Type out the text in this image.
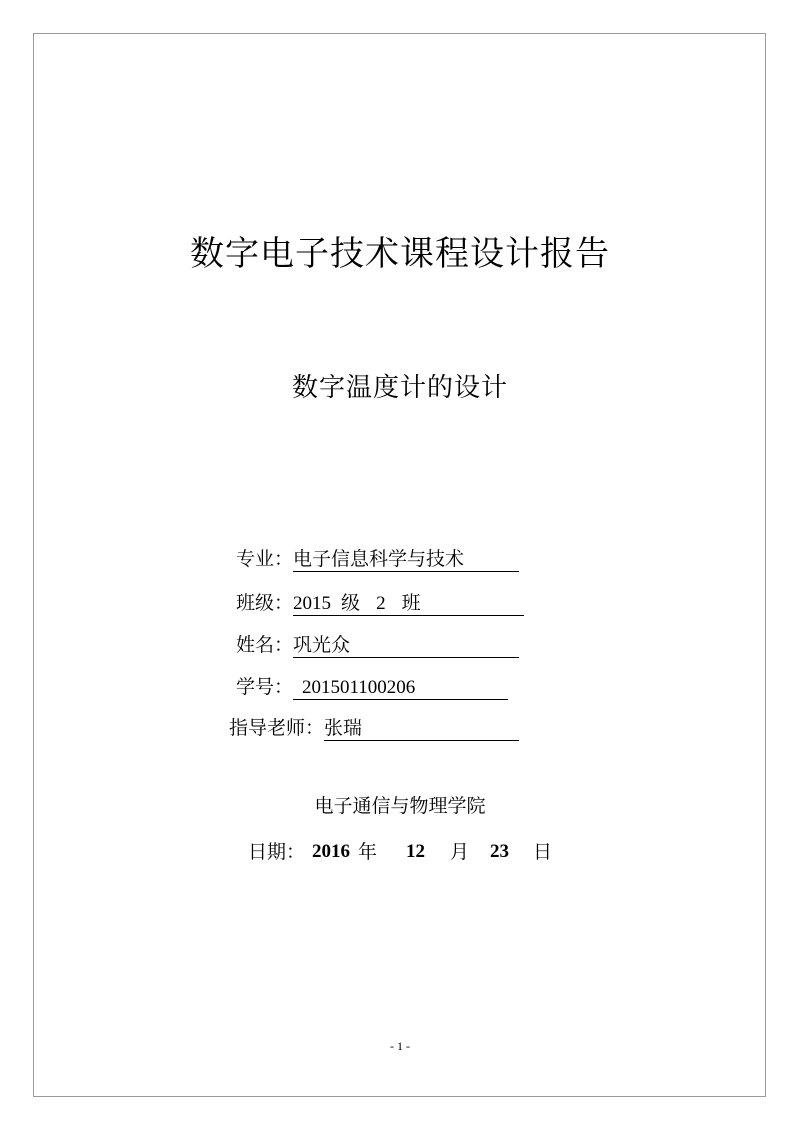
数字电子技术课程设计报告
数字温度计的设计
专业： 电子信息科学与技术
班级： 2015 级 2 班
姓名： 巩光众
学号： 201501100206
指导老师： 张瑞
电子通信与物理学院
日期： 2016 年 12 月 23 日
- 1 -
